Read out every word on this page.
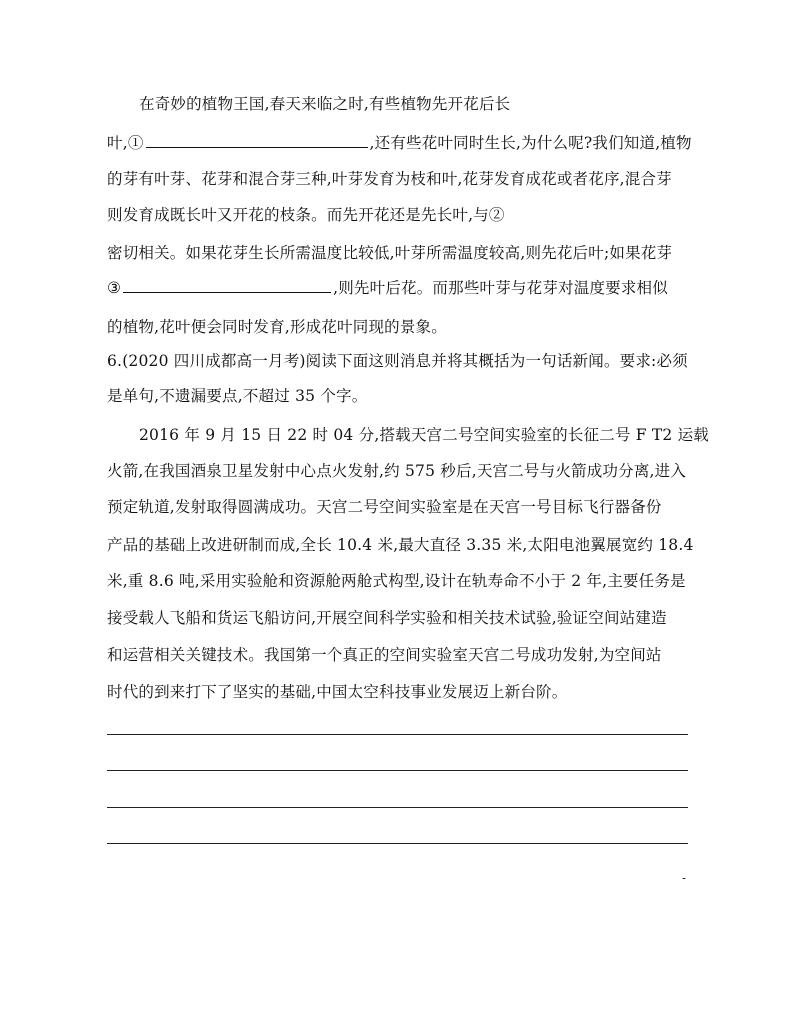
在奇妙的植物王国,春天来临之时,有些植物先开花后长
叶,①	,还有些花叶同时生长,为什么呢?我们知道,植物
的芽有叶芽、花芽和混合芽三种,叶芽发育为枝和叶,花芽发育成花或者花序,混合芽
则发育成既长叶又开花的枝条。而先开花还是先长叶,与②
密切相关。如果花芽生长所需温度比较低,叶芽所需温度较高,则先花后叶;如果花芽
③	,则先叶后花。而那些叶芽与花芽对温度要求相似
的植物,花叶便会同时发育,形成花叶同现的景象。
6.(2020 四川成都高一月考)阅读下面这则消息并将其概括为一句话新闻。要求:必须
是单句,不遗漏要点,不超过 35 个字。
2016 年 9 月 15 日 22 时 04 分,搭载天宫二号空间实验室的长征二号 F T2 运载
火箭,在我国酒泉卫星发射中心点火发射,约 575 秒后,天宫二号与火箭成功分离,进入
预定轨道,发射取得圆满成功。天宫二号空间实验室是在天宫一号目标飞行器备份
产品的基础上改进研制而成,全长 10.4 米,最大直径 3.35 米,太阳电池翼展宽约 18.4
米,重 8.6 吨,采用实验舱和资源舱两舱式构型,设计在轨寿命不小于 2 年,主要任务是
接受载人飞船和货运飞船访问,开展空间科学实验和相关技术试验,验证空间站建造
和运营相关关键技术。我国第一个真正的空间实验室天宫二号成功发射,为空间站
时代的到来打下了坚实的基础,中国太空科技事业发展迈上新台阶。
-
